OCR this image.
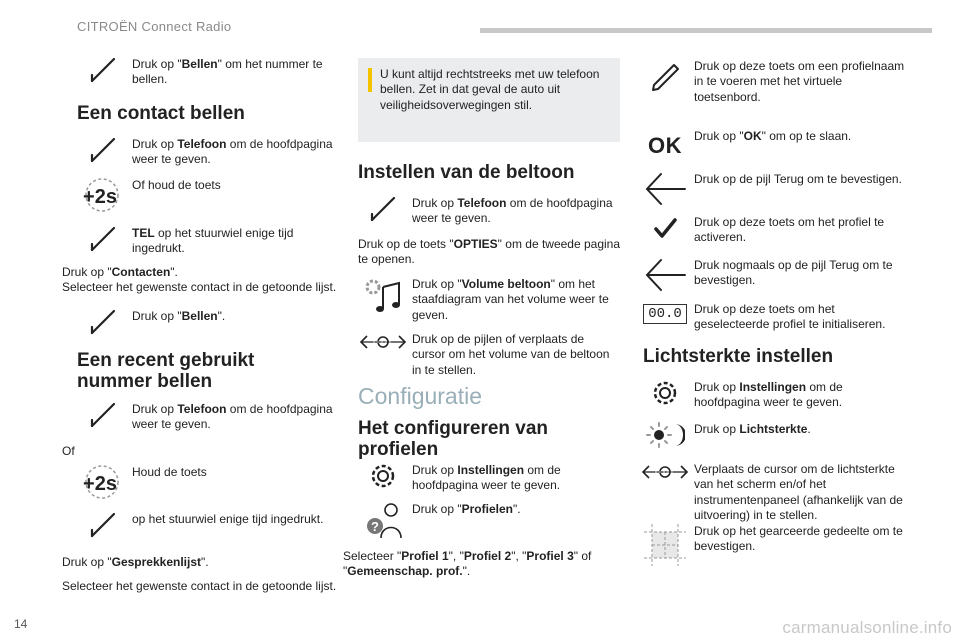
CITROËN Connect Radio
Druk op "Bellen" om het nummer te bellen.
Een contact bellen
Druk op Telefoon om de hoofdpagina weer te geven.
+2s
Of houd de toets
TEL op het stuurwiel enige tijd ingedrukt.
Druk op "Contacten".
Selecteer het gewenste contact in de getoonde lijst.
Druk op "Bellen".
Een recent gebruikt nummer bellen
Druk op Telefoon om de hoofdpagina weer te geven.
Of
+2s
Houd de toets
op het stuurwiel enige tijd ingedrukt.
Druk op "Gesprekkenlijst".
Selecteer het gewenste contact in de getoonde lijst.
U kunt altijd rechtstreeks met uw telefoon bellen. Zet in dat geval de auto uit veiligheidsoverwegingen stil.
Instellen van de beltoon
Druk op Telefoon om de hoofdpagina weer te geven.
Druk op de toets "OPTIES" om de tweede pagina te openen.
Druk op "Volume beltoon" om het staafdiagram van het volume weer te geven.
Druk op de pijlen of verplaats de cursor om het volume van de beltoon in te stellen.
Configuratie
Het configureren van profielen
Druk op Instellingen om de hoofdpagina weer te geven.
?
Druk op "Profielen".
Selecteer "Profiel 1", "Profiel 2", "Profiel 3" of "Gemeenschap. prof.".
Druk op deze toets om een profielnaam in te voeren met het virtuele toetsenbord.
OK Druk op "OK" om op te slaan.
Druk op de pijl Terug om te bevestigen.
Druk op deze toets om het profiel te activeren.
Druk nogmaals op de pijl Terug om te bevestigen.
00.0	Druk op deze toets om het geselecteerde profiel te initialiseren.
Lichtsterkte instellen
Druk op Instellingen om de hoofdpagina weer te geven.
Druk op Lichtsterkte.
Verplaats de cursor om de lichtsterkte van het scherm en/of het instrumentenpaneel (afhankelijk van de uitvoering) in te stellen.
Druk op het gearceerde gedeelte om te bevestigen.
14	carmanualsonline.info
